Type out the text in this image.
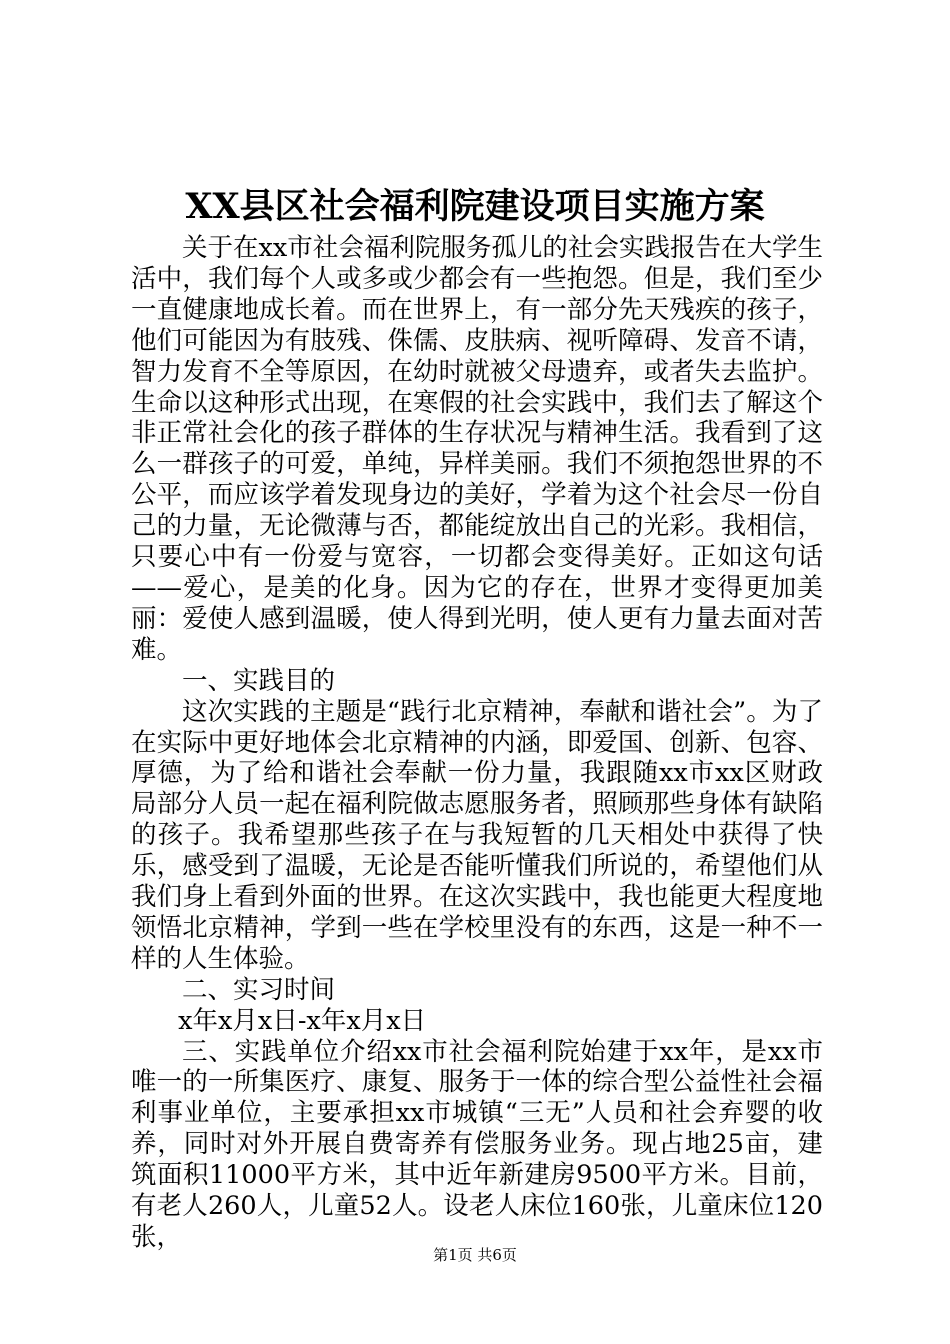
XX县区社会福利院建设项目实施方案

关于在xx市社会福利院服务孤儿的社会实践报告在大学生活中，我们每个人或多或少都会有一些抱怨。但是，我们至少一直健康地成长着。而在世界上，有一部分先天残疾的孩子，他们可能因为有肢残、侏儒、皮肤病、视听障碍、发音不请，智力发育不全等原因，在幼时就被父母遗弃，或者失去监护。生命以这种形式出现，在寒假的社会实践中，我们去了解这个非正常社会化的孩子群体的生存状况与精神生活。我看到了这么一群孩子的可爱，单纯，异样美丽。我们不须抱怨世界的不公平，而应该学着发现身边的美好，学着为这个社会尽一份自己的力量，无论微薄与否，都能绽放出自己的光彩。我相信，只要心中有一份爱与宽容，一切都会变得美好。正如这句话——爱心，是美的化身。因为它的存在，世界才变得更加美丽：爱使人感到温暖，使人得到光明，使人更有力量去面对苦难。

一、实践目的

这次实践的主题是“践行北京精神，奉献和谐社会”。为了在实际中更好地体会北京精神的内涵，即爱国、创新、包容、厚德，为了给和谐社会奉献一份力量，我跟随xx市xx区财政局部分人员一起在福利院做志愿服务者，照顾那些身体有缺陷的孩子。我希望那些孩子在与我短暂的几天相处中获得了快乐，感受到了温暖，无论是否能听懂我们所说的，希望他们从我们身上看到外面的世界。在这次实践中，我也能更大程度地领悟北京精神，学到一些在学校里没有的东西，这是一种不一样的人生体验。

二、实习时间

x年x月x日-x年x月x日

三、实践单位介绍xx市社会福利院始建于xx年，是xx市唯一的一所集医疗、康复、服务于一体的综合型公益性社会福利事业单位，主要承担xx市城镇“三无”人员和社会弃婴的收养，同时对外开展自费寄养有偿服务业务。现占地25亩，建筑面积11000平方米，其中近年新建房9500平方米。目前，有老人260人，儿童52人。设老人床位160张，儿童床位120张，

第1页 共6页
